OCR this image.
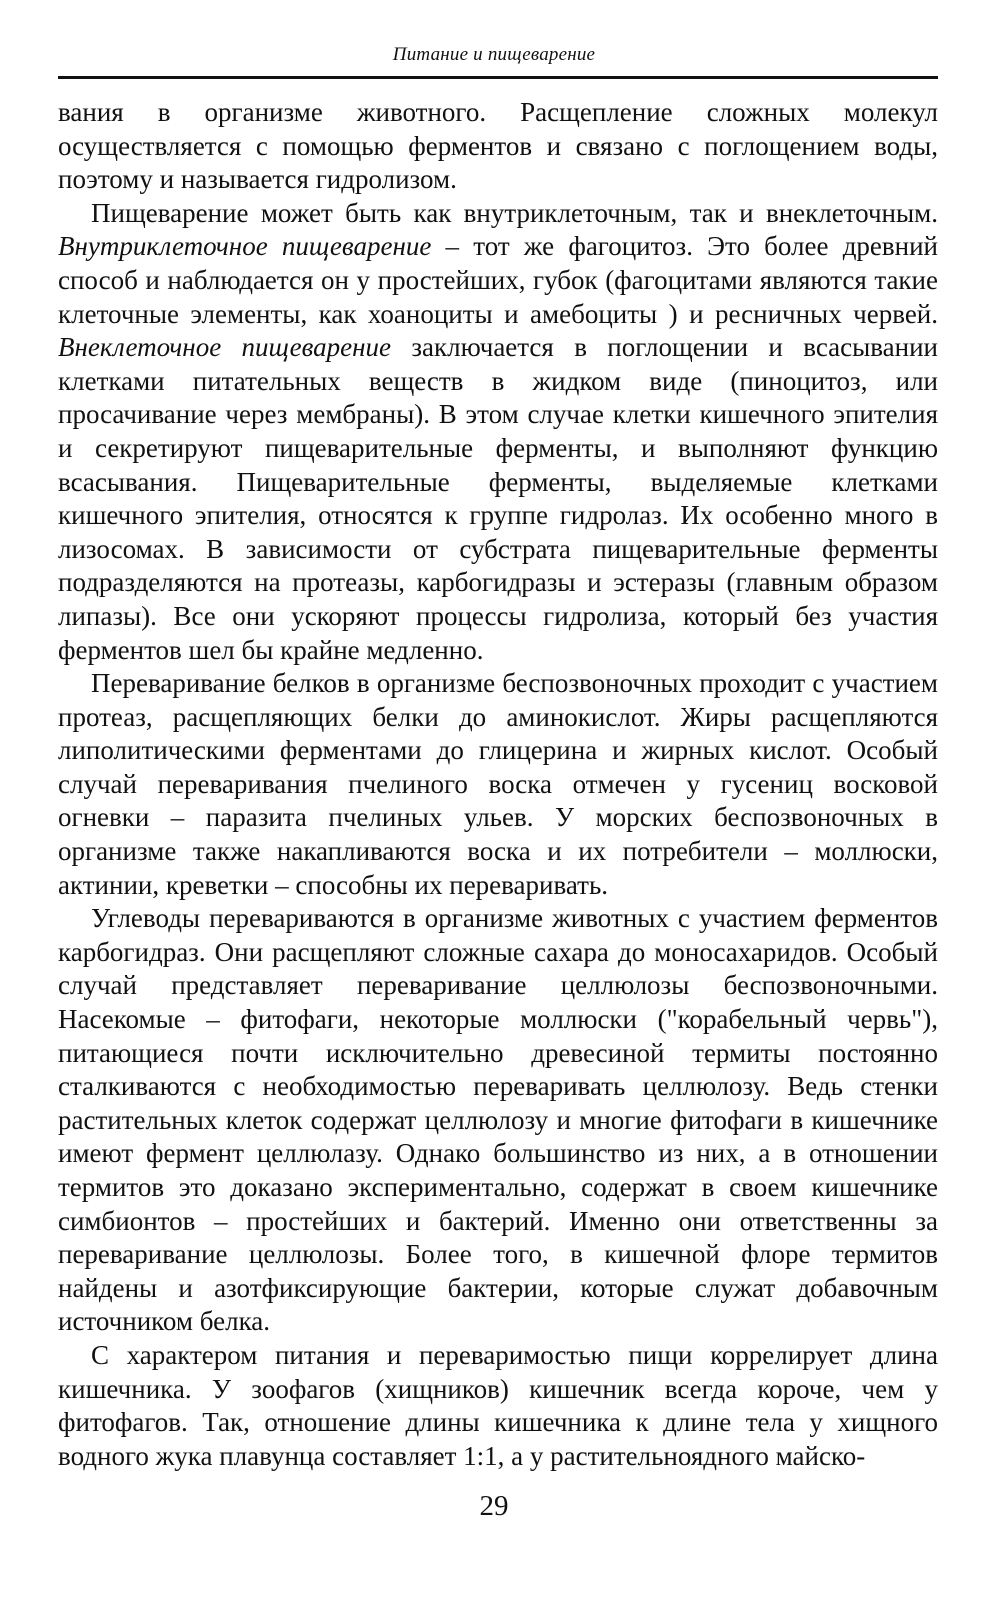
Питание и пищеварение

вания в организме животного. Расщепление сложных молекул осуществляется с помощью ферментов и связано с поглощением воды, поэтому и называется гидролизом.

Пищеварение может быть как внутриклеточным, так и внеклеточным. Внутриклеточное пищеварение – тот же фагоцитоз. Это более древний способ и наблюдается он у простейших, губок (фагоцитами являются такие клеточные элементы, как хоаноциты и амебоциты ) и ресничных червей. Внеклеточное пищеварение заключается в поглощении и всасывании клетками питательных веществ в жидком виде (пиноцитоз, или просачивание через мембраны). В этом случае клетки кишечного эпителия и секретируют пищеварительные ферменты, и выполняют функцию всасывания. Пищеварительные ферменты, выделяемые клетками кишечного эпителия, относятся к группе гидролаз. Их особенно много в лизосомах. В зависимости от субстрата пищеварительные ферменты подразделяются на протеазы, карбогидразы и эстеразы (главным образом липазы). Все они ускоряют процессы гидролиза, который без участия ферментов шел бы крайне медленно.

Переваривание белков в организме беспозвоночных проходит с участием протеаз, расщепляющих белки до аминокислот. Жиры расщепляются липолитическими ферментами до глицерина и жирных кислот. Особый случай переваривания пчелиного воска отмечен у гусениц восковой огневки – паразита пчелиных ульев. У морских беспозвоночных в организме также накапливаются воска и их потребители – моллюски, актинии, креветки – способны их переваривать.

Углеводы перевариваются в организме животных с участием ферментов карбогидраз. Они расщепляют сложные сахара до моносахаридов. Особый случай представляет переваривание целлюлозы беспозвоночными. Насекомые – фитофаги, некоторые моллюски ("корабельный червь"), питающиеся почти исключительно древесиной термиты постоянно сталкиваются с необходимостью переваривать целлюлозу. Ведь стенки растительных клеток содержат целлюлозу и многие фитофаги в кишечнике имеют фермент целлюлазу. Однако большинство из них, а в отношении термитов это доказано экспериментально, содержат в своем кишечнике симбионтов – простейших и бактерий. Именно они ответственны за переваривание целлюлозы. Более того, в кишечной флоре термитов найдены и азотфиксирующие бактерии, которые служат добавочным источником белка.

С характером питания и переваримостью пищи коррелирует длина кишечника. У зоофагов (хищников) кишечник всегда короче, чем у фитофагов. Так, отношение длины кишечника к длине тела у хищного водного жука плавунца составляет 1:1, а у растительноядного майско-

29
